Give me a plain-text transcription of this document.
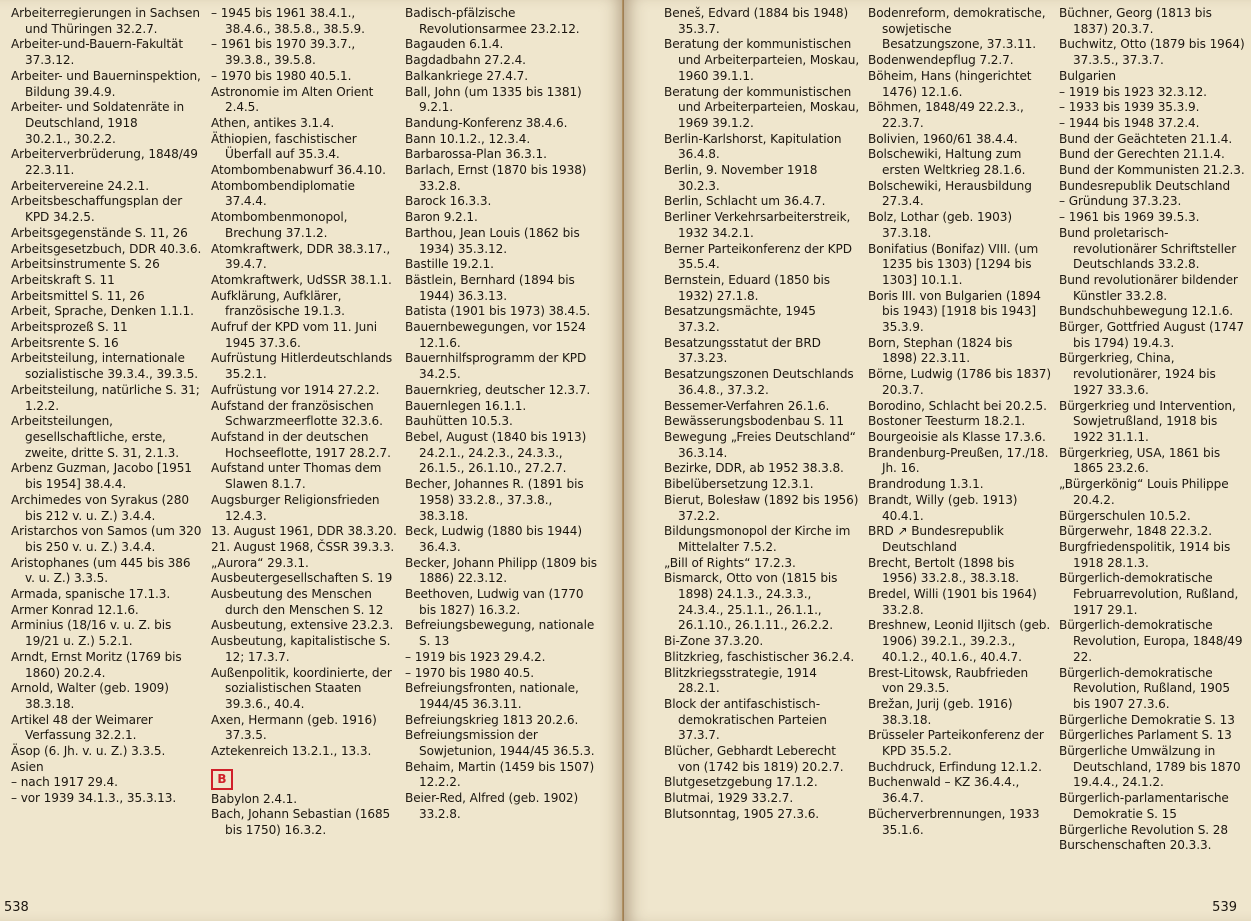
Arbeiterregierungen in Sachsen und Thüringen 32.2.7.
Arbeiter-und-Bauern-Fakultät 37.3.12.
Arbeiter- und Bauerninspektion, Bildung 39.4.9.
Arbeiter- und Soldatenräte in Deutschland, 1918
30.2.1., 30.2.2.
Arbeiterverbrüderung, 1848/49 22.3.11.
Arbeitervereine 24.2.1.
Arbeitsbeschaffungsplan der KPD 34.2.5.
Arbeitsgegenstände S. 11, 26
Arbeitsgesetzbuch, DDR 40.3.6.
Arbeitsinstrumente S. 26
Arbeitskraft S. 11
Arbeitsmittel S. 11, 26
Arbeit, Sprache, Denken 1.1.1.
Arbeitsprozeß S. 11
Arbeitsrente S. 16
Arbeitsteilung, internationale sozialistische 39.3.4., 39.3.5.
Arbeitsteilung, natürliche S. 31; 1.2.2.
Arbeitsteilungen, gesellschaftliche, erste, zweite, dritte S. 31, 2.1.3.
Arbenz Guzman, Jacobo [1951 bis 1954] 38.4.4.
Archimedes von Syrakus (280 bis 212 v. u. Z.) 3.4.4.
Aristarchos von Samos (um 320 bis 250 v. u. Z.) 3.4.4.
Aristophanes (um 445 bis 386 v. u. Z.) 3.3.5.
Armada, spanische 17.1.3.
Armer Konrad 12.1.6.
Arminius (18/16 v. u. Z. bis 19/21 u. Z.) 5.2.1.
Arndt, Ernst Moritz (1769 bis 1860) 20.2.4.
Arnold, Walter (geb. 1909) 38.3.18.
Artikel 48 der Weimarer Verfassung 32.2.1.
Äsop (6. Jh. v. u. Z.) 3.3.5.
Asien
– nach 1917 29.4.
– vor 1939 34.1.3., 35.3.13.
– 1945 bis 1961 38.4.1., 38.4.6., 38.5.8., 38.5.9.
– 1961 bis 1970 39.3.7., 39.3.8., 39.5.8.
– 1970 bis 1980 40.5.1.
Astronomie im Alten Orient 2.4.5.
Athen, antikes 3.1.4.
Äthiopien, faschistischer Überfall auf 35.3.4.
Atombombenabwurf 36.4.10.
Atombombendiplomatie 37.4.4.
Atombombenmonopol, Brechung 37.1.2.
Atomkraftwerk, DDR 38.3.17., 39.4.7.
Atomkraftwerk, UdSSR 38.1.1.
Aufklärung, Aufklärer, französische 19.1.3.
Aufruf der KPD vom 11. Juni 1945 37.3.6.
Aufrüstung Hitlerdeutschlands 35.2.1.
Aufrüstung vor 1914 27.2.2.
Aufstand der französischen Schwarzmeerflotte 32.3.6.
Aufstand in der deutschen Hochseeflotte, 1917 28.2.7.
Aufstand unter Thomas dem Slawen 8.1.7.
Augsburger Religionsfrieden 12.4.3.
13. August 1961, DDR 38.3.20.
21. August 1968, ČSSR 39.3.3.
„Aurora“ 29.3.1.
Ausbeutergesellschaften S. 19
Ausbeutung des Menschen durch den Menschen S. 12
Ausbeutung, extensive 23.2.3.
Ausbeutung, kapitalistische S. 12; 17.3.7.
Außenpolitik, koordinierte, der sozialistischen Staaten 39.3.6., 40.4.
Axen, Hermann (geb. 1916) 37.3.5.
Aztekenreich 13.2.1., 13.3.
B
Babylon 2.4.1.
Bach, Johann Sebastian (1685 bis 1750) 16.3.2.
Badisch-pfälzische Revolutionsarmee 23.2.12.
Bagauden 6.1.4.
Bagdadbahn 27.2.4.
Balkankriege 27.4.7.
Ball, John (um 1335 bis 1381) 9.2.1.
Bandung-Konferenz 38.4.6.
Bann 10.1.2., 12.3.4.
Barbarossa-Plan 36.3.1.
Barlach, Ernst (1870 bis 1938) 33.2.8.
Barock 16.3.3.
Baron 9.2.1.
Barthou, Jean Louis (1862 bis 1934) 35.3.12.
Bastille 19.2.1.
Bästlein, Bernhard (1894 bis 1944) 36.3.13.
Batista (1901 bis 1973) 38.4.5.
Bauernbewegungen, vor 1524 12.1.6.
Bauernhilfsprogramm der KPD 34.2.5.
Bauernkrieg, deutscher 12.3.7.
Bauernlegen 16.1.1.
Bauhütten 10.5.3.
Bebel, August (1840 bis 1913) 24.2.1., 24.2.3., 24.3.3., 26.1.5., 26.1.10., 27.2.7.
Becher, Johannes R. (1891 bis 1958) 33.2.8., 37.3.8., 38.3.18.
Beck, Ludwig (1880 bis 1944) 36.4.3.
Becker, Johann Philipp (1809 bis 1886) 22.3.12.
Beethoven, Ludwig van (1770 bis 1827) 16.3.2.
Befreiungsbewegung, nationale S. 13
– 1919 bis 1923 29.4.2.
– 1970 bis 1980 40.5.
Befreiungsfronten, nationale, 1944/45 36.3.11.
Befreiungskrieg 1813 20.2.6.
Befreiungsmission der Sowjetunion, 1944/45 36.5.3.
Behaim, Martin (1459 bis 1507) 12.2.2.
Beier-Red, Alfred (geb. 1902) 33.2.8.
538
Beneš, Edvard (1884 bis 1948) 35.3.7.
Beratung der kommunistischen und Arbeiterparteien, Moskau, 1960 39.1.1.
Beratung der kommunistischen und Arbeiterparteien, Moskau, 1969 39.1.2.
Berlin-Karlshorst, Kapitulation 36.4.8.
Berlin, 9. November 1918 30.2.3.
Berlin, Schlacht um 36.4.7.
Berliner Verkehrsarbeiterstreik, 1932 34.2.1.
Berner Parteikonferenz der KPD 35.5.4.
Bernstein, Eduard (1850 bis 1932) 27.1.8.
Besatzungsmächte, 1945 37.3.2.
Besatzungsstatut der BRD 37.3.23.
Besatzungszonen Deutschlands 36.4.8., 37.3.2.
Bessemer-Verfahren 26.1.6.
Bewässerungsbodenbau S. 11
Bewegung „Freies Deutschland“ 36.3.14.
Bezirke, DDR, ab 1952 38.3.8.
Bibelübersetzung 12.3.1.
Bierut, Bolesław (1892 bis 1956) 37.2.2.
Bildungsmonopol der Kirche im Mittelalter 7.5.2.
„Bill of Rights“ 17.2.3.
Bismarck, Otto von (1815 bis 1898) 24.1.3., 24.3.3., 24.3.4., 25.1.1., 26.1.1., 26.1.10., 26.1.11., 26.2.2.
Bi-Zone 37.3.20.
Blitzkrieg, faschistischer 36.2.4.
Blitzkriegsstrategie, 1914 28.2.1.
Block der antifaschistisch-demokratischen Parteien 37.3.7.
Blücher, Gebhardt Leberecht von (1742 bis 1819) 20.2.7.
Blutgesetzgebung 17.1.2.
Blutmai, 1929 33.2.7.
Blutsonntag, 1905 27.3.6.
Bodenreform, demokratische, sowjetische Besatzungszone, 37.3.11.
Bodenwendepflug 7.2.7.
Böheim, Hans (hingerichtet 1476) 12.1.6.
Böhmen, 1848/49 22.2.3., 22.3.7.
Bolivien, 1960/61 38.4.4.
Bolschewiki, Haltung zum ersten Weltkrieg 28.1.6.
Bolschewiki, Herausbildung 27.3.4.
Bolz, Lothar (geb. 1903) 37.3.18.
Bonifatius (Bonifaz) VIII. (um 1235 bis 1303) [1294 bis 1303] 10.1.1.
Boris III. von Bulgarien (1894 bis 1943) [1918 bis 1943] 35.3.9.
Born, Stephan (1824 bis 1898) 22.3.11.
Börne, Ludwig (1786 bis 1837) 20.3.7.
Borodino, Schlacht bei 20.2.5.
Bostoner Teesturm 18.2.1.
Bourgeoisie als Klasse 17.3.6.
Brandenburg-Preußen, 17./18. Jh. 16.
Brandrodung 1.3.1.
Brandt, Willy (geb. 1913) 40.4.1.
BRD ↗ Bundesrepublik Deutschland
Brecht, Bertolt (1898 bis 1956) 33.2.8., 38.3.18.
Bredel, Willi (1901 bis 1964) 33.2.8.
Breshnew, Leonid Iljitsch (geb. 1906) 39.2.1., 39.2.3., 40.1.2., 40.1.6., 40.4.7.
Brest-Litowsk, Raubfrieden von 29.3.5.
Brežan, Jurij (geb. 1916) 38.3.18.
Brüsseler Parteikonferenz der KPD 35.5.2.
Buchdruck, Erfindung 12.1.2.
Buchenwald – KZ 36.4.4., 36.4.7.
Bücherverbrennungen, 1933 35.1.6.
Büchner, Georg (1813 bis 1837) 20.3.7.
Buchwitz, Otto (1879 bis 1964) 37.3.5., 37.3.7.
Bulgarien
– 1919 bis 1923 32.3.12.
– 1933 bis 1939 35.3.9.
– 1944 bis 1948 37.2.4.
Bund der Geächteten 21.1.4.
Bund der Gerechten 21.1.4.
Bund der Kommunisten 21.2.3.
Bundesrepublik Deutschland
– Gründung 37.3.23.
– 1961 bis 1969 39.5.3.
Bund proletarisch-revolutionärer Schriftsteller Deutschlands 33.2.8.
Bund revolutionärer bildender Künstler 33.2.8.
Bundschuhbewegung 12.1.6.
Bürger, Gottfried August (1747 bis 1794) 19.4.3.
Bürgerkrieg, China, revolutionärer, 1924 bis 1927 33.3.6.
Bürgerkrieg und Intervention, Sowjetrußland, 1918 bis 1922 31.1.1.
Bürgerkrieg, USA, 1861 bis 1865 23.2.6.
„Bürgerkönig“ Louis Philippe 20.4.2.
Bürgerschulen 10.5.2.
Bürgerwehr, 1848 22.3.2.
Burgfriedenspolitik, 1914 bis 1918 28.1.3.
Bürgerlich-demokratische Februarrevolution, Rußland, 1917 29.1.
Bürgerlich-demokratische Revolution, Europa, 1848/49 22.
Bürgerlich-demokratische Revolution, Rußland, 1905 bis 1907 27.3.6.
Bürgerliche Demokratie S. 13
Bürgerliches Parlament S. 13
Bürgerliche Umwälzung in Deutschland, 1789 bis 1870 19.4.4., 24.1.2.
Bürgerlich-parlamentarische Demokratie S. 15
Bürgerliche Revolution S. 28
Burschenschaften 20.3.3.
539
